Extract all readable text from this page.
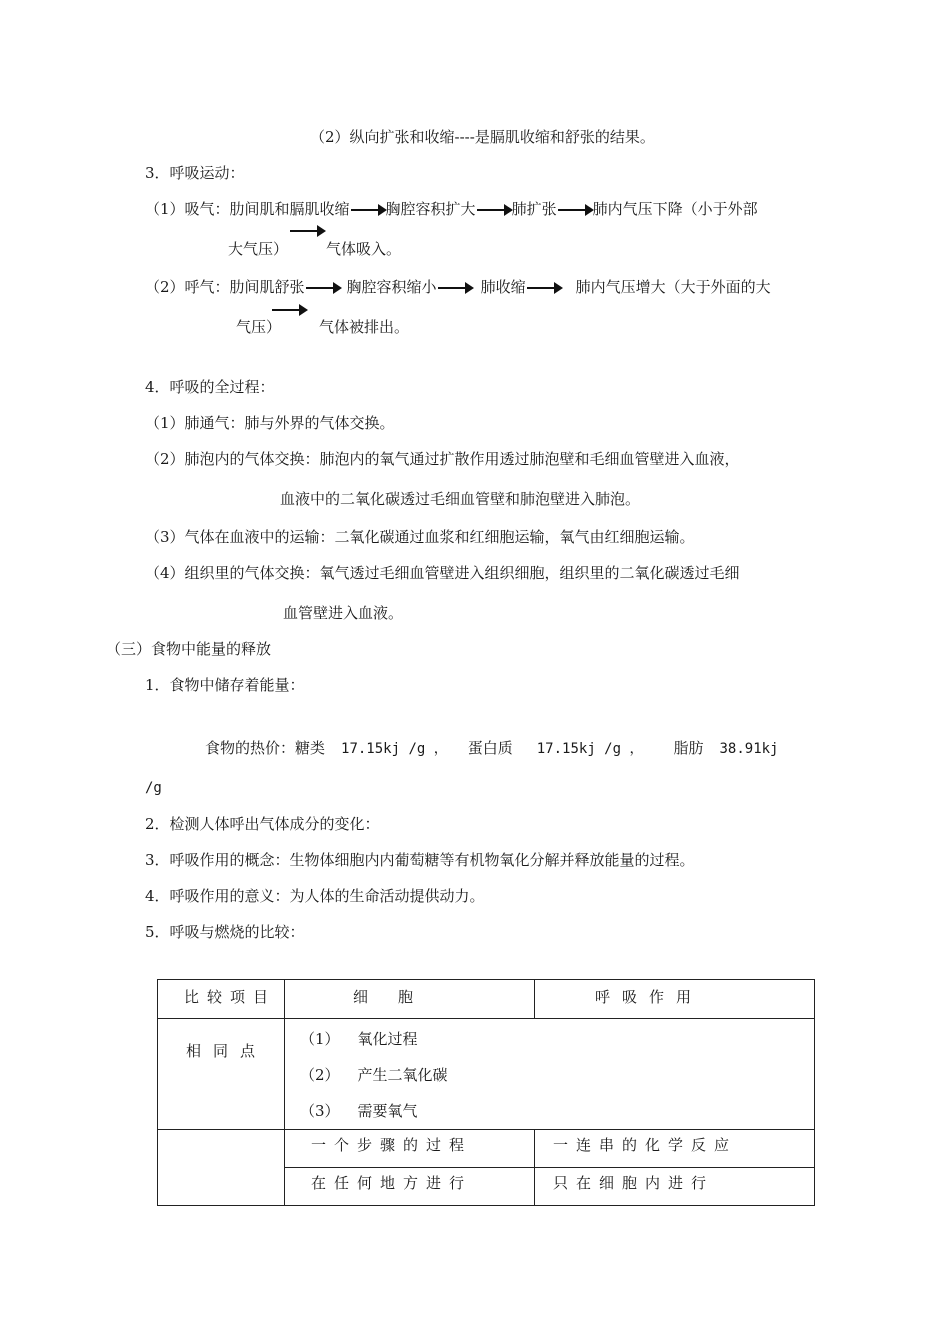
（2）纵向扩张和收缩----是膈肌收缩和舒张的结果。
3．呼吸运动：
（1）吸气：肋间肌和膈肌收缩 胸腔容积扩大 肺扩张 肺内气压下降（小于外部
大气压）	气体吸入。
（2）呼气：肋间肌舒张	胸腔容积缩小	肺收缩	肺内气压增大（大于外面的大
气压）	气体被排出。
4．呼吸的全过程：
（1）肺通气：肺与外界的气体交换。
（2）肺泡内的气体交换：肺泡内的氧气通过扩散作用透过肺泡壁和毛细血管壁进入血液，
血液中的二氧化碳透过毛细血管壁和肺泡壁进入肺泡。
（3）气体在血液中的运输：二氧化碳通过血浆和红细胞运输，氧气由红细胞运输。
（4）组织里的气体交换：氧气透过毛细血管壁进入组织细胞，组织里的二氧化碳透过毛细
血管壁进入血液。
（三）食物中能量的释放
1．食物中储存着能量：
食物的热价：糖类 17.15kj /g ， 蛋白质 17.15kj /g ， 脂肪 38.91kj
/g
2．检测人体呼出气体成分的变化：
3．呼吸作用的概念：生物体细胞内内葡萄糖等有机物氧化分解并释放能量的过程。
4．呼吸作用的意义：为人体的生命活动提供动力。
5．呼吸与燃烧的比较：
比较项目	细　　胞	呼吸作用

相同点	（1） 氧化过程
（2） 产生二氧化碳
（3） 需要氧气	

	一个步骤的过程	一连串的化学反应

	在任何地方进行	只在细胞内进行
